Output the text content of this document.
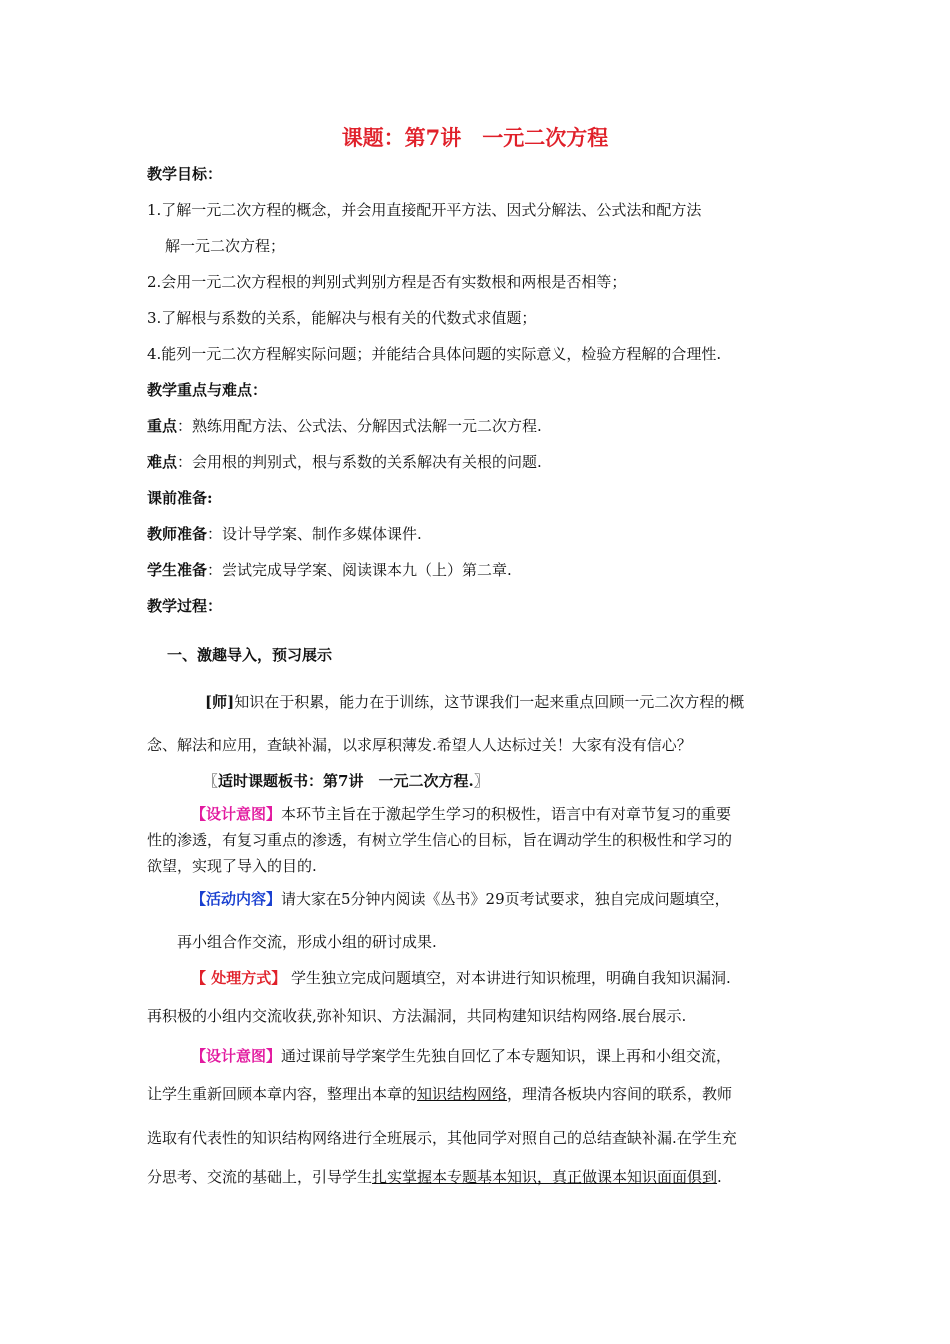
课题：第7讲　一元二次方程
教学目标：
1.了解一元二次方程的概念，并会用直接配开平方法、因式分解法、公式法和配方法
解一元二次方程；
2.会用一元二次方程根的判别式判别方程是否有实数根和两根是否相等；
3.了解根与系数的关系，能解决与根有关的代数式求值题；
4.能列一元二次方程解实际问题；并能结合具体问题的实际意义，检验方程解的合理性.
教学重点与难点：
重点：熟练用配方法、公式法、分解因式法解一元二次方程.
难点：会用根的判别式，根与系数的关系解决有关根的问题.
课前准备:
教师准备：设计导学案、制作多媒体课件.
学生准备：尝试完成导学案、阅读课本九（上）第二章.
教学过程：
一、激趣导入，预习展示
[师]知识在于积累，能力在于训练，这节课我们一起来重点回顾一元二次方程的概
念、解法和应用，查缺补漏，以求厚积薄发.希望人人达标过关！大家有没有信心？
〖适时课题板书：第7讲　一元二次方程.〗
【设计意图】本环节主旨在于激起学生学习的积极性，语言中有对章节复习的重要
性的渗透，有复习重点的渗透，有树立学生信心的目标，旨在调动学生的积极性和学习的
欲望，实现了导入的目的.
【活动内容】请大家在5分钟内阅读《丛书》29页考试要求，独自完成问题填空，
再小组合作交流，形成小组的研讨成果.
【 处理方式】 学生独立完成问题填空，对本讲进行知识梳理，明确自我知识漏洞.
再积极的小组内交流收获,弥补知识、方法漏洞，共同构建知识结构网络.展台展示.
【设计意图】通过课前导学案学生先独自回忆了本专题知识，课上再和小组交流，
让学生重新回顾本章内容，整理出本章的知识结构网络，理清各板块内容间的联系，教师
选取有代表性的知识结构网络进行全班展示，其他同学对照自己的总结查缺补漏.在学生充
分思考、交流的基础上，引导学生扎实掌握本专题基本知识，真正做课本知识面面俱到.
